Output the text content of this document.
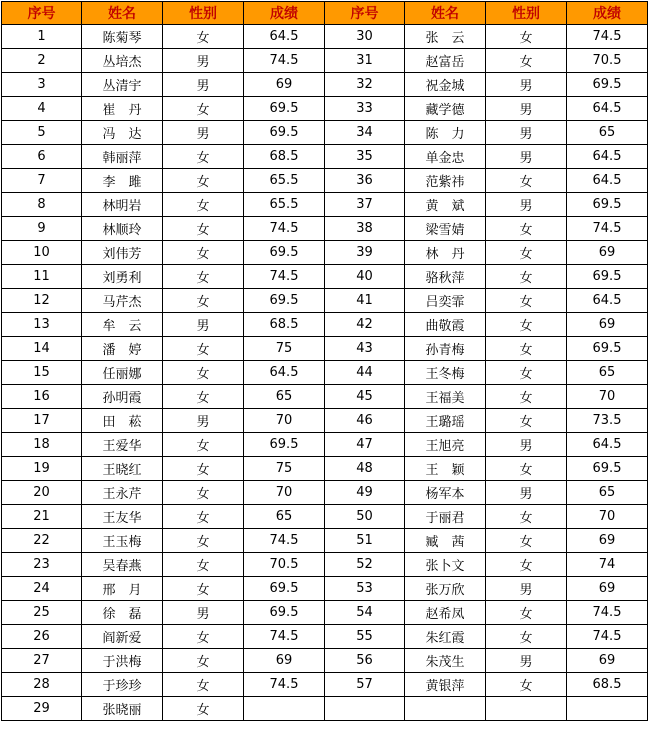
序号	姓名	性别	成绩	序号	姓名	性别	成绩
1	陈菊琴	女	64.5	30	张　云	女	74.5
2	丛培杰	男	74.5	31	赵富岳	女	70.5
3	丛清宇	男	69	32	祝金城	男	69.5
4	崔　丹	女	69.5	33	藏学德	男	64.5
5	冯　达	男	69.5	34	陈　力	男	65
6	韩丽萍	女	68.5	35	单金忠	男	64.5
7	李　雎	女	65.5	36	范紫祎	女	64.5
8	林明岩	女	65.5	37	黄　斌	男	69.5
9	林顺玲	女	74.5	38	梁雪婧	女	74.5
10	刘伟芳	女	69.5	39	林　丹	女	69
11	刘勇利	女	74.5	40	骆秋萍	女	69.5
12	马芹杰	女	69.5	41	吕奕霏	女	64.5
13	牟　云	男	68.5	42	曲敬霞	女	69
14	潘　婷	女	75	43	孙青梅	女	69.5
15	任丽娜	女	64.5	44	王冬梅	女	65
16	孙明霞	女	65	45	王福美	女	70
17	田　菘	男	70	46	王璐瑶	女	73.5
18	王爱华	女	69.5	47	王旭亮	男	64.5
19	王晓红	女	75	48	王　颖	女	69.5
20	王永芹	女	70	49	杨军本	男	65
21	王友华	女	65	50	于丽君	女	70
22	王玉梅	女	74.5	51	臧　茜	女	69
23	吴春燕	女	70.5	52	张卜文	女	74
24	邢　月	女	69.5	53	张万欣	男	69
25	徐　磊	男	69.5	54	赵希凤	女	74.5
26	阎新爱	女	74.5	55	朱红霞	女	74.5
27	于洪梅	女	69	56	朱茂生	男	69
28	于珍珍	女	74.5	57	黄银萍	女	68.5
29	张晓丽	女					
